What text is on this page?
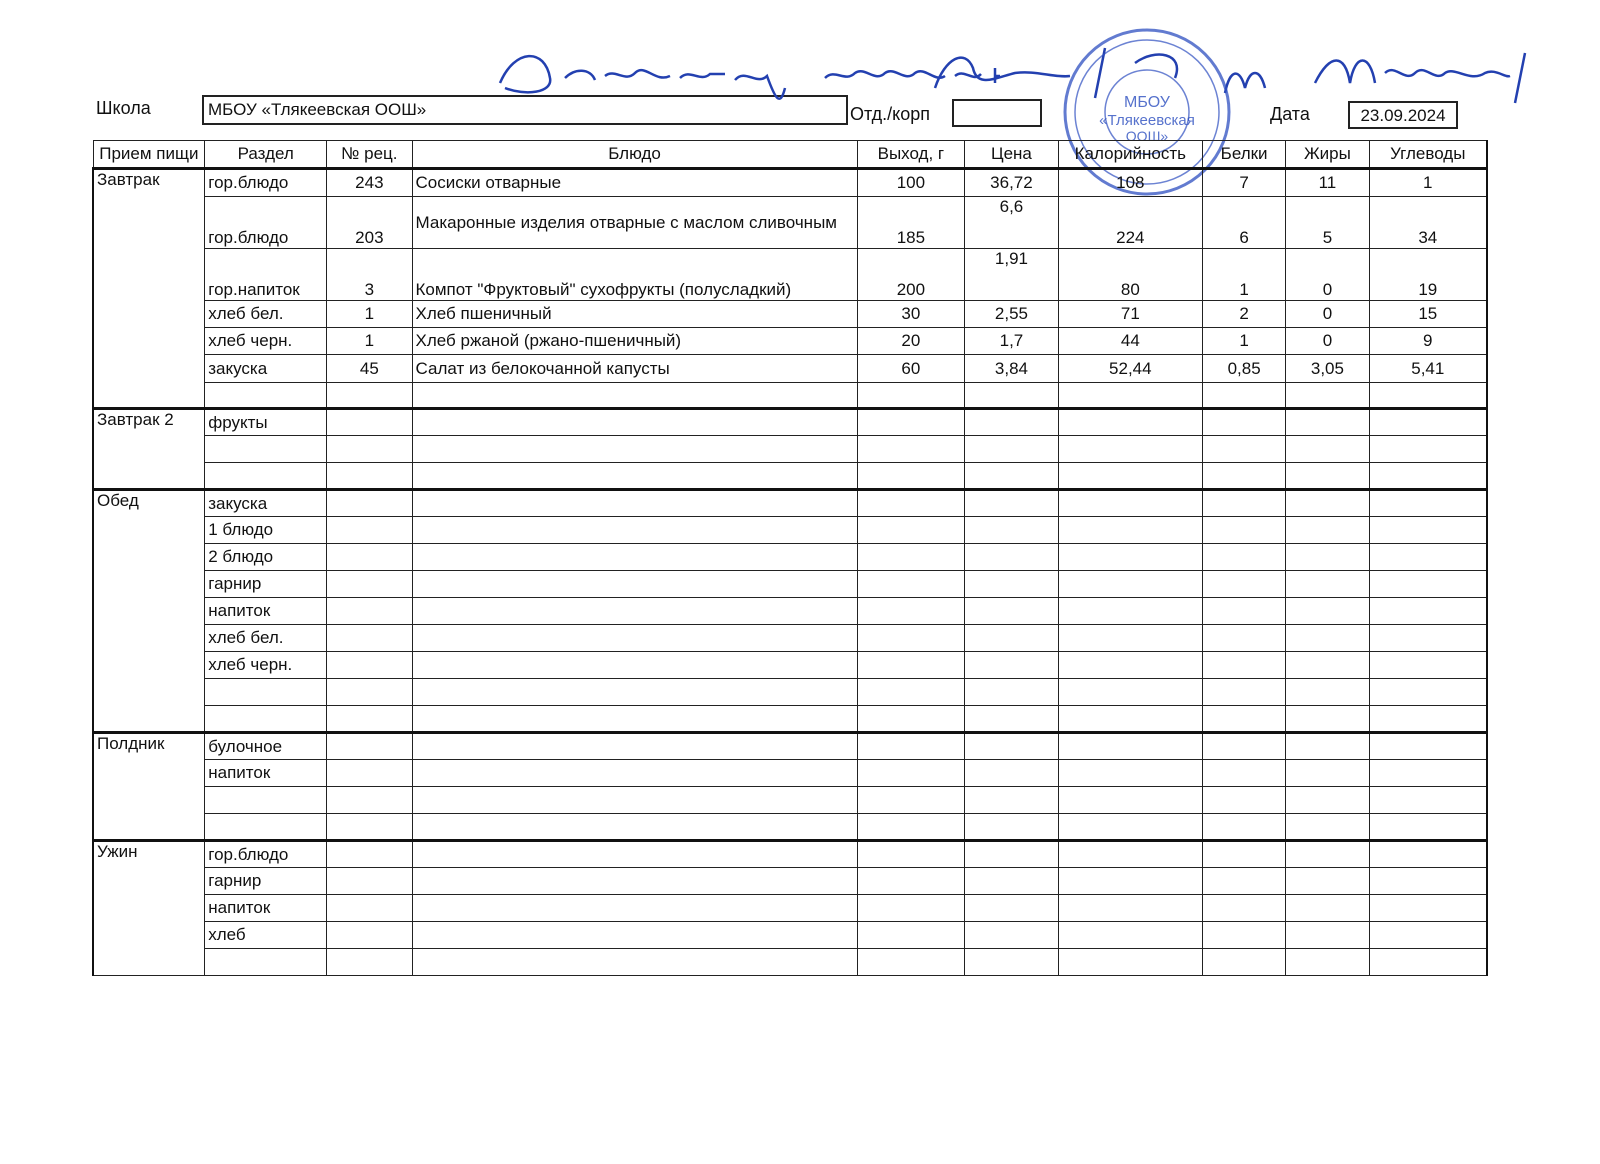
Школа	МБОУ «Тлякеевская ООШ»	Отд./корп	Дата	23.09.2024
МБОУ
«Тлякеевская
ООШ»
Прием пищи	Раздел	№ рец.	Блюдо	Выход, г	Цена	Калорийность	Белки	Жиры	Углеводы
Завтрак	гор.блюдо	243	Сосиски отварные	100	36,72	108	7	11	1
	гор.блюдо	203	Макаронные изделия отварные с маслом сливочным	185	6,6	224	6	5	34
	гор.напиток	3	Компот "Фруктовый" сухофрукты (полусладкий)	200	1,91	80	1	0	19
	хлеб бел.	1	Хлеб пшеничный	30	2,55	71	2	0	15
	хлеб черн.	1	Хлеб ржаной (ржано-пшеничный)	20	1,7	44	1	0	9
	закуска	45	Салат из белокочанной капусты	60	3,84	52,44	0,85	3,05	5,41

Завтрак 2	фрукты								

Обед	закуска								
	1 блюдо								
	2 блюдо								
	гарнир								
	напиток								
	хлеб бел.								
	хлеб черн.								

Полдник	булочное								
	напиток								

Ужин	гор.блюдо								
	гарнир								
	напиток								
	хлеб								
